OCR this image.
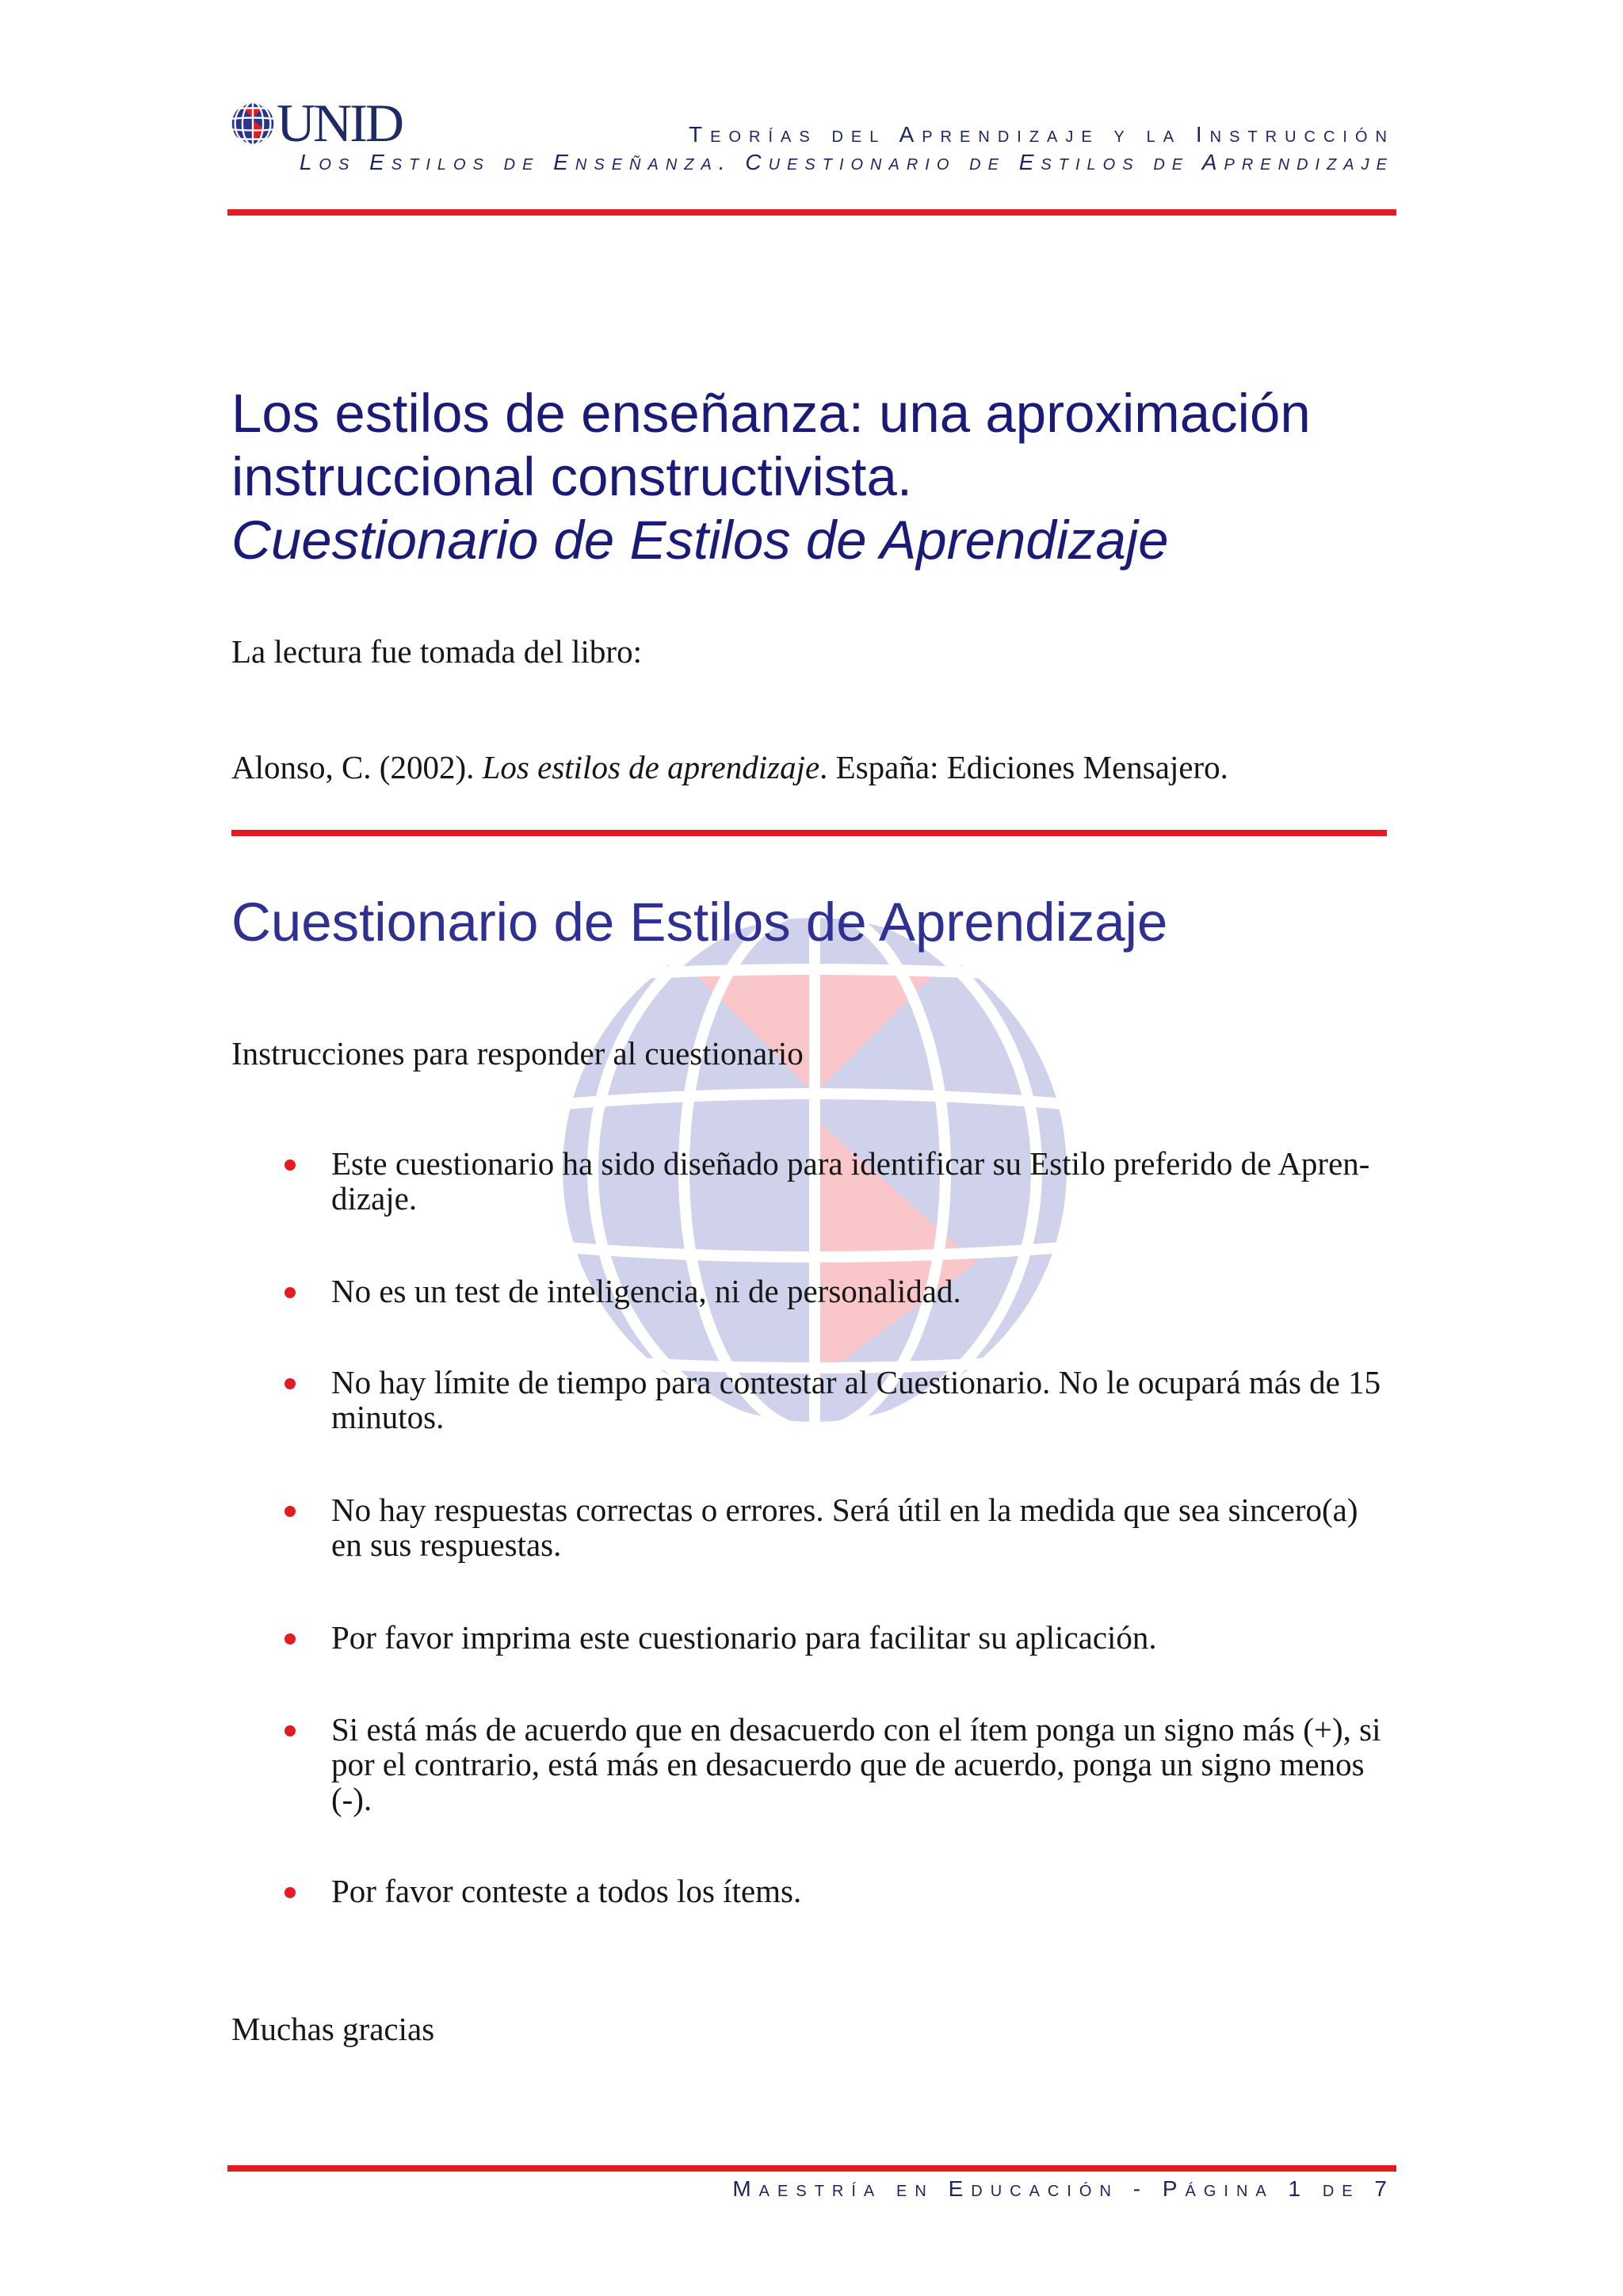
UNID	Teorías del Aprendizaje y la Instrucción
Los Estilos de Enseñanza. Cuestionario de Estilos de Aprendizaje
Los estilos de enseñanza: una aproximación
instruccional constructivista.
Cuestionario de Estilos de Aprendizaje
La lectura fue tomada del libro:
Alonso, C. (2002). Los estilos de aprendizaje. España: Ediciones Mensajero.
Cuestionario de Estilos de Aprendizaje
Instrucciones para responder al cuestionario
Este cuestionario ha sido diseñado para identificar su Estilo preferido de Apren-
dizaje.
No es un test de inteligencia, ni de personalidad.
No hay límite de tiempo para contestar al Cuestionario. No le ocupará más de 15
minutos.
No hay respuestas correctas o errores. Será útil en la medida que sea sincero(a)
en sus respuestas.
Por favor imprima este cuestionario para facilitar su aplicación.
Si está más de acuerdo que en desacuerdo con el ítem ponga un signo más (+), si
por el contrario, está más en desacuerdo que de acuerdo, ponga un signo menos
(-).
Por favor conteste a todos los ítems.
Muchas gracias
Maestría en Educación - Página 1 de 7
